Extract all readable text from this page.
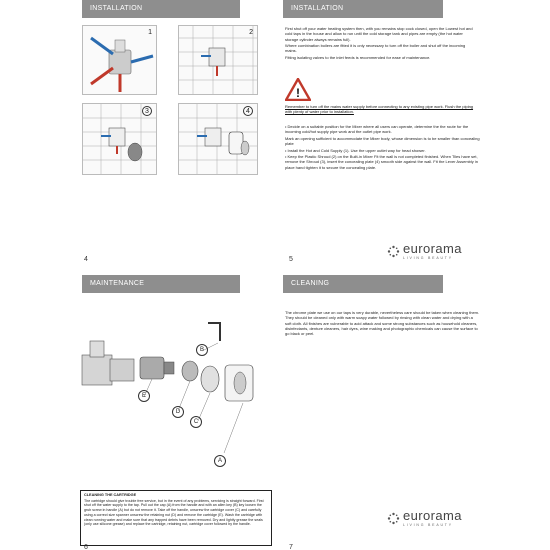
INSTALLATION
1	2
3	4
4
INSTALLATION

First shut off your water heating system then, with you remains stop cock closed, open the Lowest hot and cold taps in the house and allow to run until the cold storage tank and pipes are empty (the hot water storage cylinder always remains full).

Where combination boilers are fitted it is only necessary to turn off the boiler and shut off the incoming mains.

Fitting isolating valves to the inlet feeds is recommended for ease of maintenance.

!

Remember to turn off the mains water supply before connecting to any existing pipe work. Flush the piping with plenty of water prior to installation.

• Decide on a suitable position for the Mixer where all users can operate, determine the the route for the incoming cold/hot supply pipe work and the outlet pipe work.

Mark an opening sufficient to accommodate the Mixer body, whose dimension is to be smaller than concealing plate

• Install the Hot and Cold Supply (1). Use the upper outlet way for head shower.

• Keep the Plastic Shroud (2) on the Built-in Mixer Fit the wall is not completed finished. When Tiles have set, remove the Shroud (3), insert the concealing plate (4) smooth side against the wall. Fit the Lever Assembly in place hand tighten it to secure the concealing plate.

eurorama
LIVING BEAUTY
5
MAINTENANCE
B
E
D
C
A
6
CLEANING THE CARTRIDGE
The cartridge should give trouble free service, but in the event of any problems, servicing is straight forward. First shut off the water supply to the tap. Pull out the cap (A) from the handle and with an allen key (B) key loosen the grub screw in handle (A) but do not remove it. Take off the handle, unscrew the cartridge cover (C) and carefully using a correct size spanner unscrew the retaining nut (D) and remove the cartridge (E). Wash the cartridge with clean running water and make sure that any trapped debris have been removed. Dry and lightly grease the seals (only use silicone grease) and replace the cartridge, retaining nut, cartridge cover followed by the handle.
CLEANING

The chrome plate we use on our taps is very durable, nevertheless care should be taken when cleaning them. They should be cleaned only with warm soapy water followed by rinsing with clean water and drying with a soft cloth. All finishes are vulnerable to acid attack and some strong substances such as household cleaners, disinfectants, denture cleaners, hair dyes, wine making and photographic chemicals can cause the surface to go black or peel.

eurorama
LIVING BEAUTY
7
